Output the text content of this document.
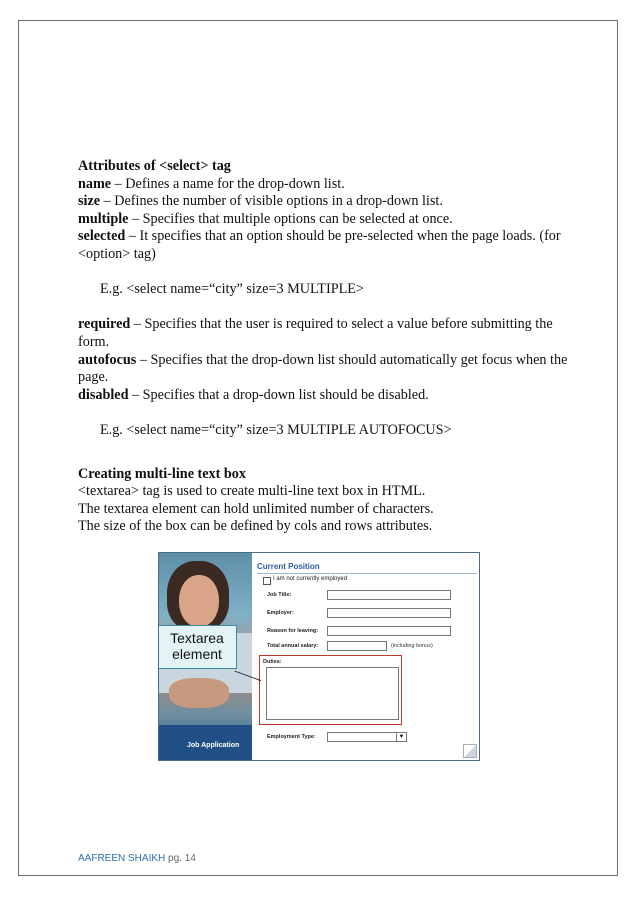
Attributes of <select> tag

name – Defines a name for the drop-down list.

size – Defines the number of visible options in a drop-down list.

multiple – Specifies that multiple options can be selected at once.

selected – It specifies that an option should be pre-selected when the page loads. (for <option> tag)

E.g. <select name=“city” size=3 MULTIPLE>

required – Specifies that the user is required to select a value before submitting the form.

autofocus – Specifies that the drop-down list should automatically get focus when the page.

disabled – Specifies that a drop-down list should be disabled.

E.g. <select name=“city” size=3 MULTIPLE AUTOFOCUS>

Creating multi-line text box

<textarea> tag is used to create multi-line text box in HTML.

The textarea element can hold unlimited number of characters.

The size of the box can be defined by cols and rows attributes.

Job Application
Textarea element
Current Position
I am not currently employed
Job Title:
Employer:
Reason for leaving:
Total annual salary:	(including bonus)
Duties:
Employment Type:	▼
AAFREEN SHAIKH pg. 14
